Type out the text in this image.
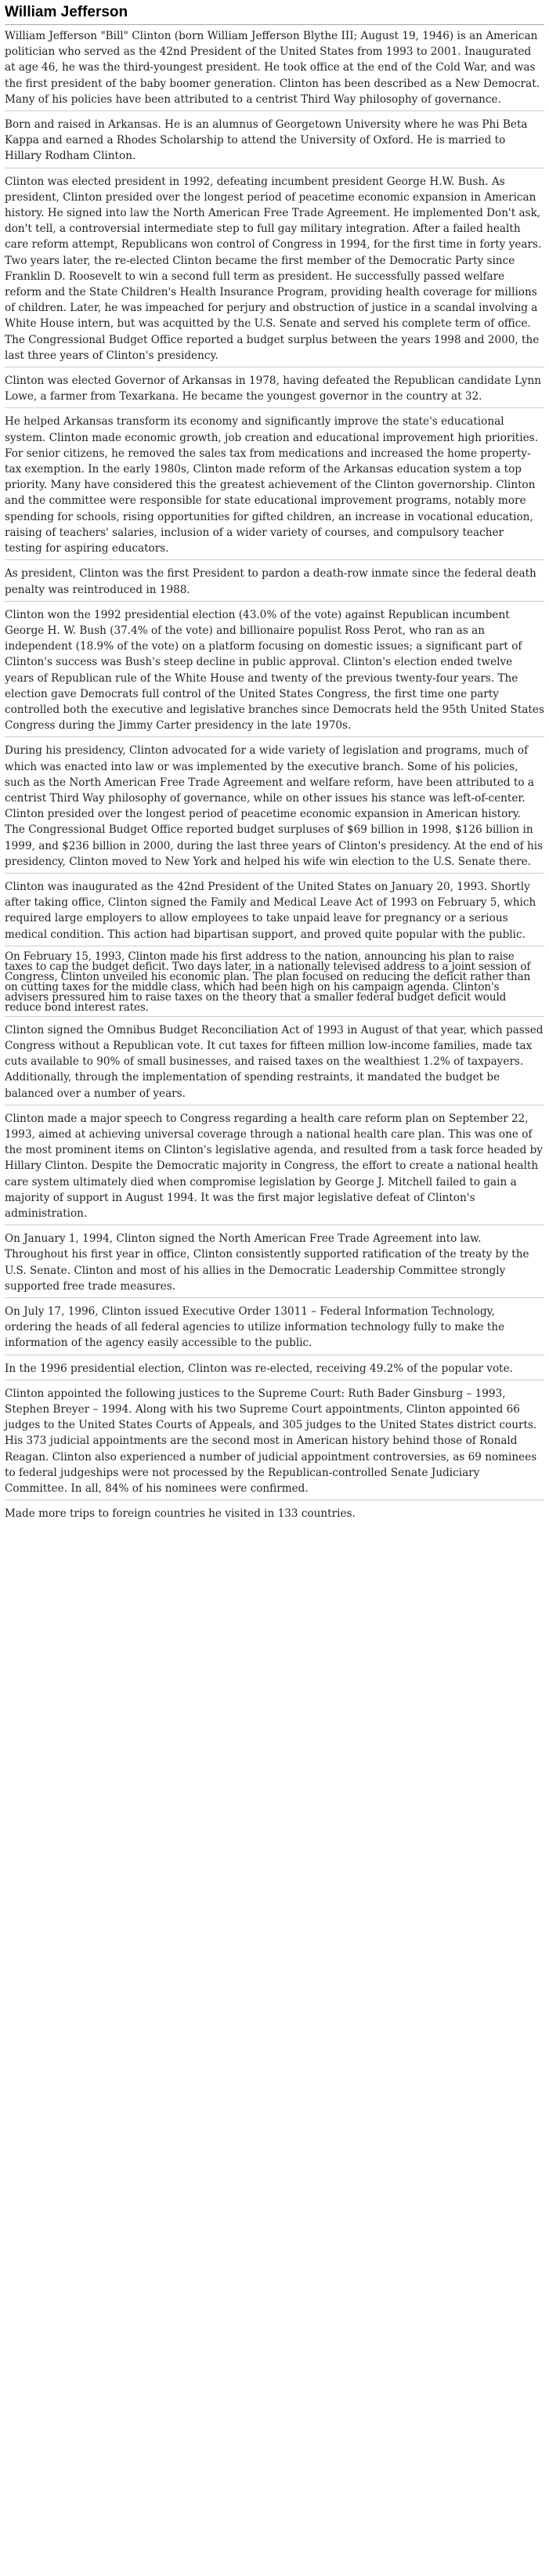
William Jefferson

William Jefferson "Bill" Clinton (born William Jefferson Blythe III; August 19, 1946) is an American politician who served as the 42nd President of the United States from 1993 to 2001. Inaugurated at age 46, he was the third-youngest president. He took office at the end of the Cold War, and was the first president of the baby boomer generation. Clinton has been described as a New Democrat. Many of his policies have been attributed to a centrist Third Way philosophy of governance.

Born and raised in Arkansas. He is an alumnus of Georgetown University where he was Phi Beta Kappa and earned a Rhodes Scholarship to attend the University of Oxford. He is married to Hillary Rodham Clinton.

Clinton was elected president in 1992, defeating incumbent president George H.W. Bush. As president, Clinton presided over the longest period of peacetime economic expansion in American history. He signed into law the North American Free Trade Agreement. He implemented Don't ask, don't tell, a controversial intermediate step to full gay military integration. After a failed health care reform attempt, Republicans won control of Congress in 1994, for the first time in forty years. Two years later, the re-elected Clinton became the first member of the Democratic Party since Franklin D. Roosevelt to win a second full term as president. He successfully passed welfare reform and the State Children's Health Insurance Program, providing health coverage for millions of children. Later, he was impeached for perjury and obstruction of justice in a scandal involving a White House intern, but was acquitted by the U.S. Senate and served his complete term of office. The Congressional Budget Office reported a budget surplus between the years 1998 and 2000, the last three years of Clinton's presidency.

Clinton was elected Governor of Arkansas in 1978, having defeated the Republican candidate Lynn Lowe, a farmer from Texarkana. He became the youngest governor in the country at 32.

He helped Arkansas transform its economy and significantly improve the state's educational system. Clinton made economic growth, job creation and educational improvement high priorities. For senior citizens, he removed the sales tax from medications and increased the home property-tax exemption. In the early 1980s, Clinton made reform of the Arkansas education system a top priority. Many have considered this the greatest achievement of the Clinton governorship. Clinton and the committee were responsible for state educational improvement programs, notably more spending for schools, rising opportunities for gifted children, an increase in vocational education, raising of teachers' salaries, inclusion of a wider variety of courses, and compulsory teacher testing for aspiring educators.

As president, Clinton was the first President to pardon a death-row inmate since the federal death penalty was reintroduced in 1988.

Clinton won the 1992 presidential election (43.0% of the vote) against Republican incumbent George H. W. Bush (37.4% of the vote) and billionaire populist Ross Perot, who ran as an independent (18.9% of the vote) on a platform focusing on domestic issues; a significant part of Clinton's success was Bush's steep decline in public approval. Clinton's election ended twelve years of Republican rule of the White House and twenty of the previous twenty-four years. The election gave Democrats full control of the United States Congress, the first time one party controlled both the executive and legislative branches since Democrats held the 95th United States Congress during the Jimmy Carter presidency in the late 1970s.

During his presidency, Clinton advocated for a wide variety of legislation and programs, much of which was enacted into law or was implemented by the executive branch. Some of his policies, such as the North American Free Trade Agreement and welfare reform, have been attributed to a centrist Third Way philosophy of governance, while on other issues his stance was left-of-center. Clinton presided over the longest period of peacetime economic expansion in American history. The Congressional Budget Office reported budget surpluses of $69 billion in 1998, $126 billion in 1999, and $236 billion in 2000, during the last three years of Clinton's presidency. At the end of his presidency, Clinton moved to New York and helped his wife win election to the U.S. Senate there.

Clinton was inaugurated as the 42nd President of the United States on January 20, 1993. Shortly after taking office, Clinton signed the Family and Medical Leave Act of 1993 on February 5, which required large employers to allow employees to take unpaid leave for pregnancy or a serious medical condition. This action had bipartisan support, and proved quite popular with the public.

On February 15, 1993, Clinton made his first address to the nation, announcing his plan to raise taxes to cap the budget deficit. Two days later, in a nationally televised address to a joint session of Congress, Clinton unveiled his economic plan. The plan focused on reducing the deficit rather than on cutting taxes for the middle class, which had been high on his campaign agenda. Clinton's advisers pressured him to raise taxes on the theory that a smaller federal budget deficit would reduce bond interest rates.

Clinton signed the Omnibus Budget Reconciliation Act of 1993 in August of that year, which passed Congress without a Republican vote. It cut taxes for fifteen million low-income families, made tax cuts available to 90% of small businesses, and raised taxes on the wealthiest 1.2% of taxpayers. Additionally, through the implementation of spending restraints, it mandated the budget be balanced over a number of years.

Clinton made a major speech to Congress regarding a health care reform plan on September 22, 1993, aimed at achieving universal coverage through a national health care plan. This was one of the most prominent items on Clinton's legislative agenda, and resulted from a task force headed by Hillary Clinton. Despite the Democratic majority in Congress, the effort to create a national health care system ultimately died when compromise legislation by George J. Mitchell failed to gain a majority of support in August 1994. It was the first major legislative defeat of Clinton's administration.

On January 1, 1994, Clinton signed the North American Free Trade Agreement into law. Throughout his first year in office, Clinton consistently supported ratification of the treaty by the U.S. Senate. Clinton and most of his allies in the Democratic Leadership Committee strongly supported free trade measures.

On July 17, 1996, Clinton issued Executive Order 13011 – Federal Information Technology, ordering the heads of all federal agencies to utilize information technology fully to make the information of the agency easily accessible to the public.

In the 1996 presidential election, Clinton was re-elected, receiving 49.2% of the popular vote.

Clinton appointed the following justices to the Supreme Court: Ruth Bader Ginsburg – 1993, Stephen Breyer – 1994. Along with his two Supreme Court appointments, Clinton appointed 66 judges to the United States Courts of Appeals, and 305 judges to the United States district courts. His 373 judicial appointments are the second most in American history behind those of Ronald Reagan. Clinton also experienced a number of judicial appointment controversies, as 69 nominees to federal judgeships were not processed by the Republican-controlled Senate Judiciary Committee. In all, 84% of his nominees were confirmed.

Made more trips to foreign countries he visited in 133 countries.
